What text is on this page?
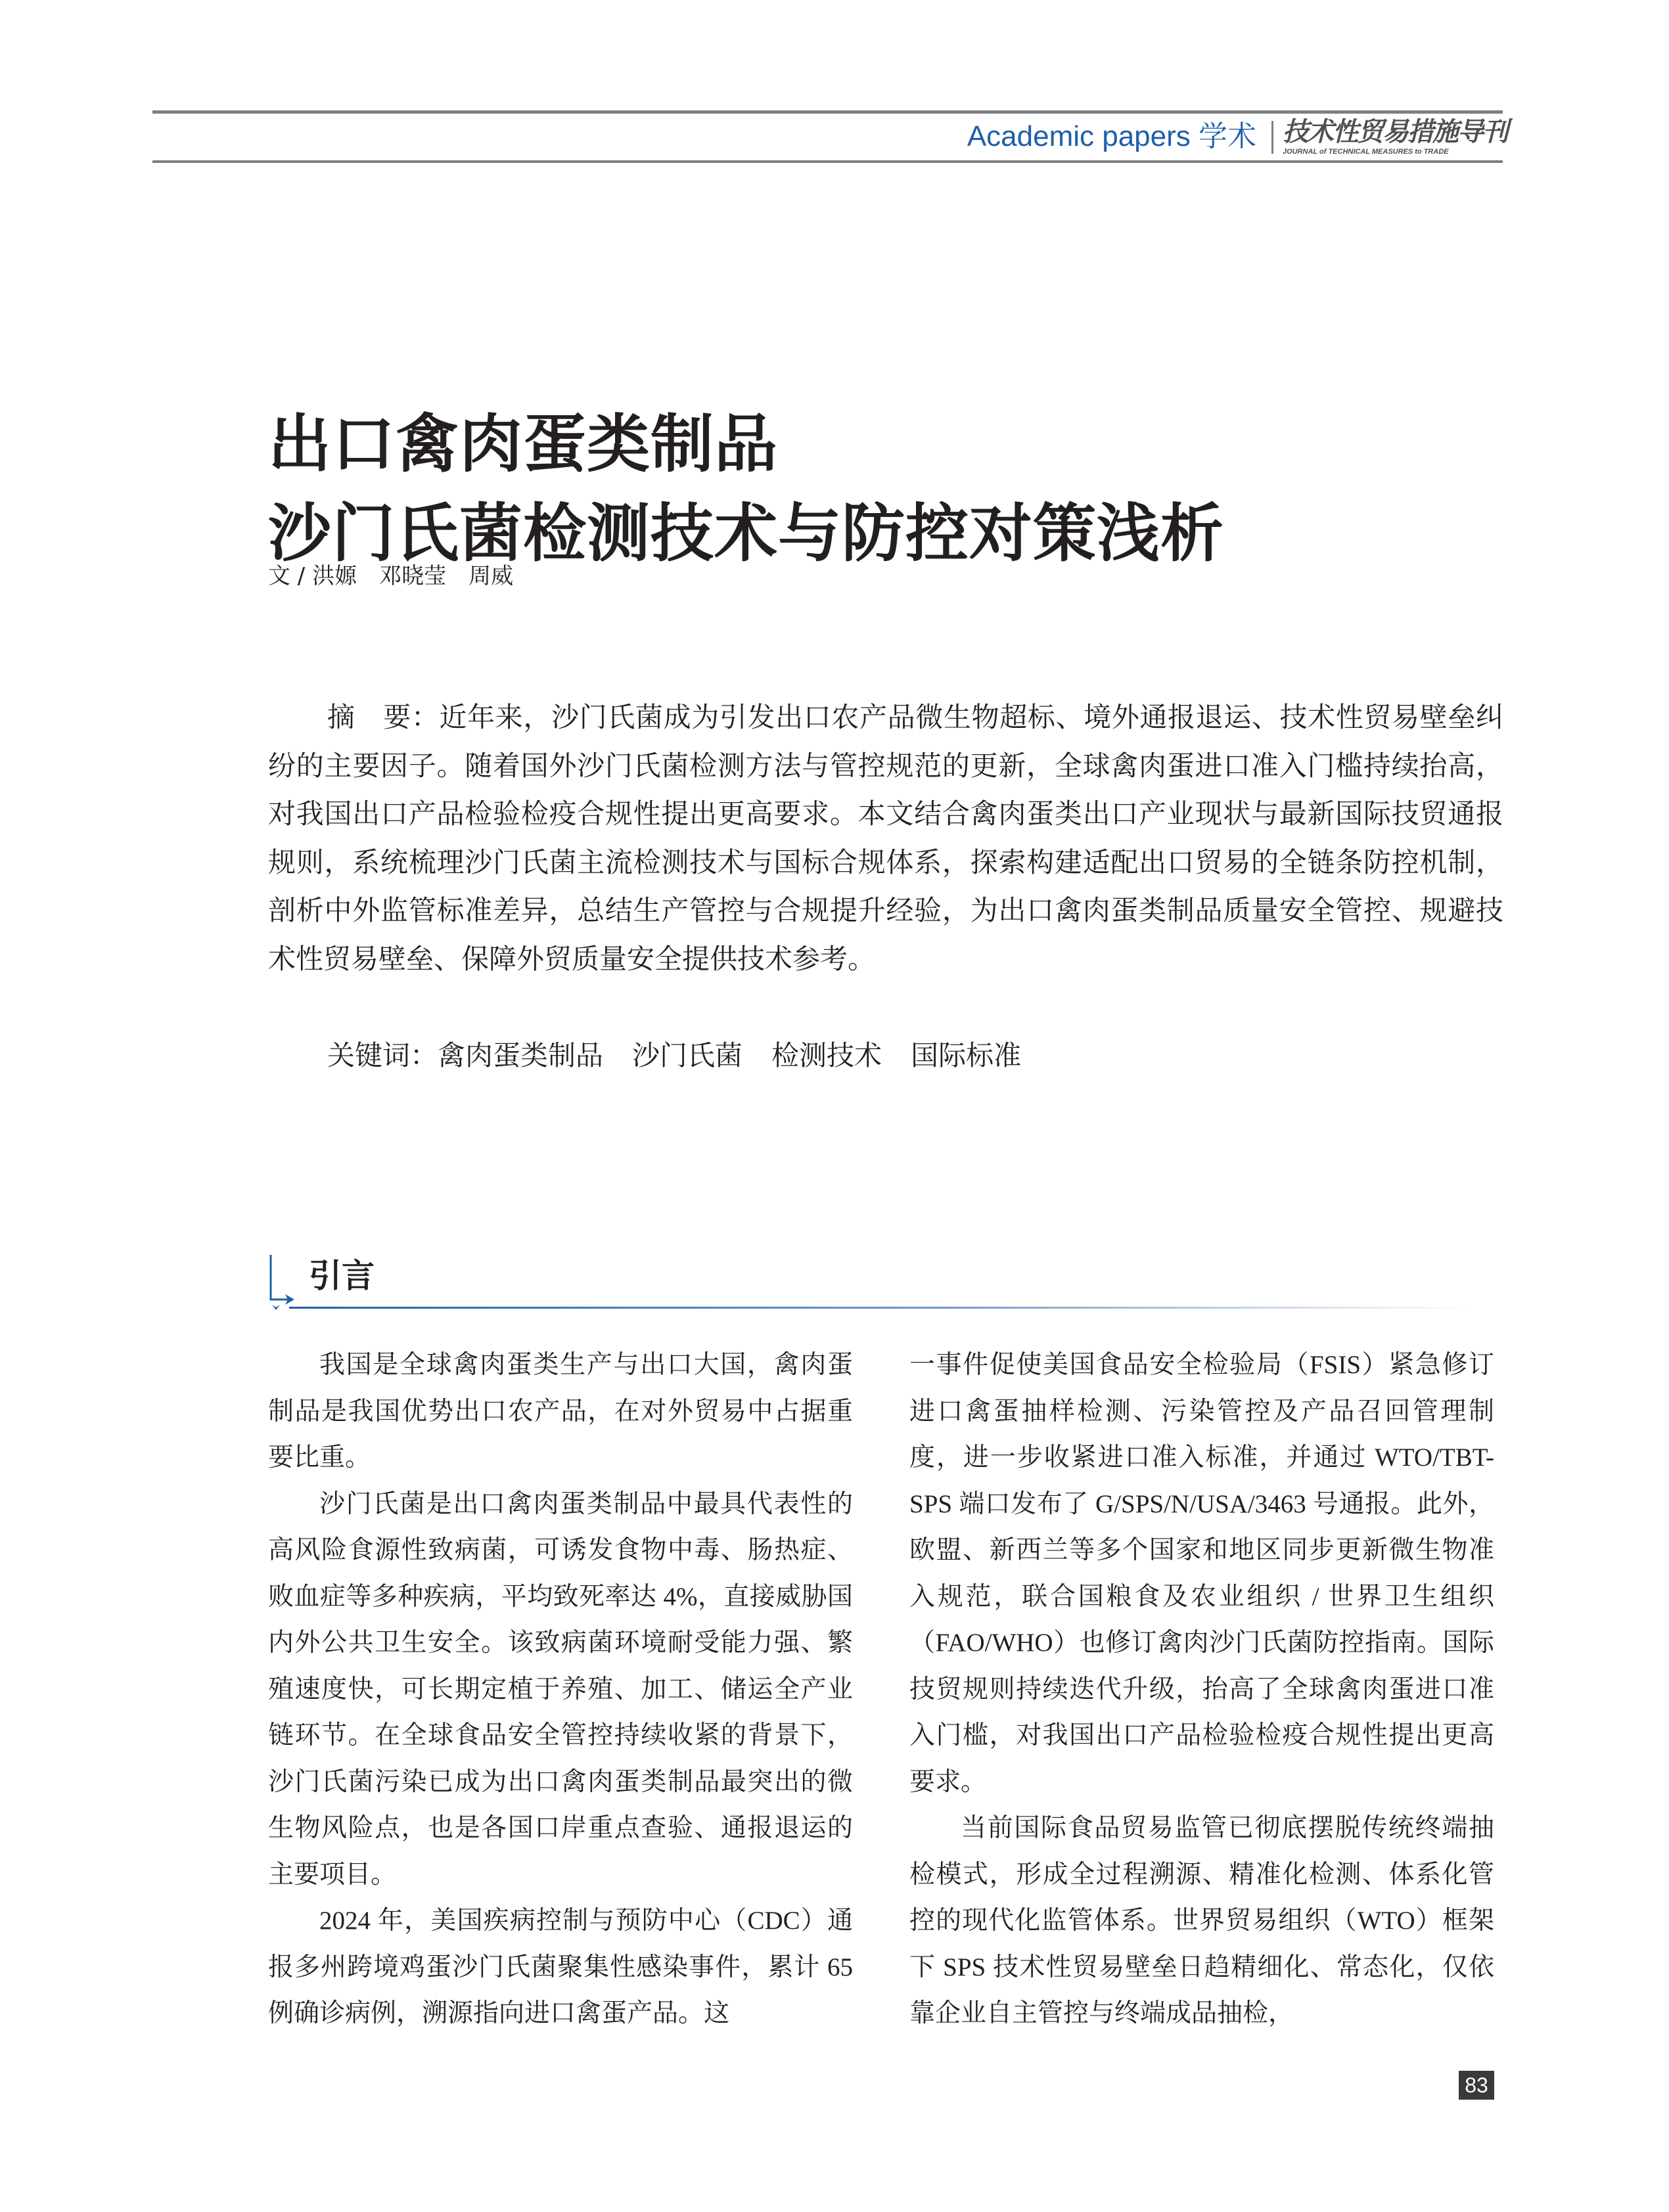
Academic papers 学术 技术性贸易措施导刊
JOURNAL of TECHNICAL MEASURES to TRADE
出口禽肉蛋类制品
沙门氏菌检测技术与防控对策浅析
文 / 洪嫄　邓晓莹　周威

摘　要：近年来，沙门氏菌成为引发出口农产品微生物超标、境外通报退运、技术性贸易壁垒纠纷的主要因子。随着国外沙门氏菌检测方法与管控规范的更新，全球禽肉蛋进口准入门槛持续抬高，对我国出口产品检验检疫合规性提出更高要求。本文结合禽肉蛋类出口产业现状与最新国际技贸通报规则，系统梳理沙门氏菌主流检测技术与国标合规体系，探索构建适配出口贸易的全链条防控机制，剖析中外监管标准差异，总结生产管控与合规提升经验，为出口禽肉蛋类制品质量安全管控、规避技术性贸易壁垒、保障外贸质量安全提供技术参考。

关键词：禽肉蛋类制品 沙门氏菌 检测技术 国际标准
引言

我国是全球禽肉蛋类生产与出口大国，禽肉蛋制品是我国优势出口农产品，在对外贸易中占据重要比重。

沙门氏菌是出口禽肉蛋类制品中最具代表性的高风险食源性致病菌，可诱发食物中毒、肠热症、败血症等多种疾病，平均致死率达 4%，直接威胁国内外公共卫生安全。该致病菌环境耐受能力强、繁殖速度快，可长期定植于养殖、加工、储运全产业链环节。在全球食品安全管控持续收紧的背景下，沙门氏菌污染已成为出口禽肉蛋类制品最突出的微生物风险点，也是各国口岸重点查验、通报退运的主要项目。

2024 年，美国疾病控制与预防中心（CDC）通报多州跨境鸡蛋沙门氏菌聚集性感染事件，累计 65 例确诊病例，溯源指向进口禽蛋产品。这

一事件促使美国食品安全检验局（FSIS）紧急修订进口禽蛋抽样检测、污染管控及产品召回管理制度，进一步收紧进口准入标准，并通过 WTO/TBT-SPS 端口发布了 G/SPS/N/USA/3463 号通报。此外，欧盟、新西兰等多个国家和地区同步更新微生物准入规范，联合国粮食及农业组织 / 世界卫生组织（FAO/WHO）也修订禽肉沙门氏菌防控指南。国际技贸规则持续迭代升级，抬高了全球禽肉蛋进口准入门槛，对我国出口产品检验检疫合规性提出更高要求。

当前国际食品贸易监管已彻底摆脱传统终端抽检模式，形成全过程溯源、精准化检测、体系化管控的现代化监管体系。世界贸易组织（WTO）框架下 SPS 技术性贸易壁垒日趋精细化、常态化，仅依靠企业自主管控与终端成品抽检，

83
